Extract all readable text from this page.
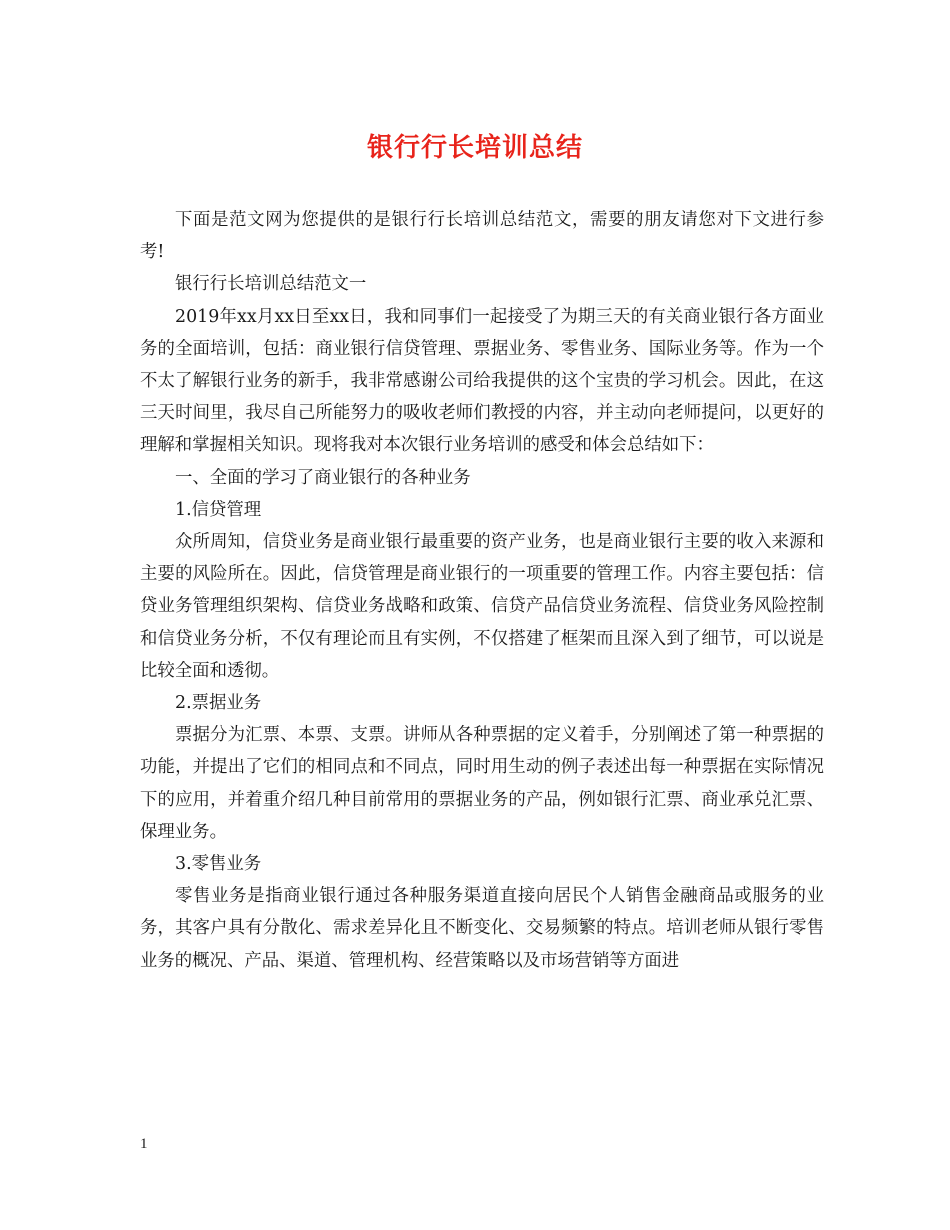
银行行长培训总结

下面是范文网为您提供的是银行行长培训总结范文，需要的朋友请您对下文进行参考!

银行行长培训总结范文一

2019年xx月xx日至xx日，我和同事们一起接受了为期三天的有关商业银行各方面业务的全面培训，包括：商业银行信贷管理、票据业务、零售业务、国际业务等。作为一个不太了解银行业务的新手，我非常感谢公司给我提供的这个宝贵的学习机会。因此，在这三天时间里，我尽自己所能努力的吸收老师们教授的内容，并主动向老师提问，以更好的理解和掌握相关知识。现将我对本次银行业务培训的感受和体会总结如下：

一、全面的学习了商业银行的各种业务

1.信贷管理

众所周知，信贷业务是商业银行最重要的资产业务，也是商业银行主要的收入来源和主要的风险所在。因此，信贷管理是商业银行的一项重要的管理工作。内容主要包括：信贷业务管理组织架构、信贷业务战略和政策、信贷产品信贷业务流程、信贷业务风险控制和信贷业务分析，不仅有理论而且有实例，不仅搭建了框架而且深入到了细节，可以说是比较全面和透彻。

2.票据业务

票据分为汇票、本票、支票。讲师从各种票据的定义着手，分别阐述了第一种票据的功能，并提出了它们的相同点和不同点，同时用生动的例子表述出每一种票据在实际情况下的应用，并着重介绍几种目前常用的票据业务的产品，例如银行汇票、商业承兑汇票、保理业务。

3.零售业务

零售业务是指商业银行通过各种服务渠道直接向居民个人销售金融商品或服务的业务，其客户具有分散化、需求差异化且不断变化、交易频繁的特点。培训老师从银行零售业务的概况、产品、渠道、管理机构、经营策略以及市场营销等方面进

1
